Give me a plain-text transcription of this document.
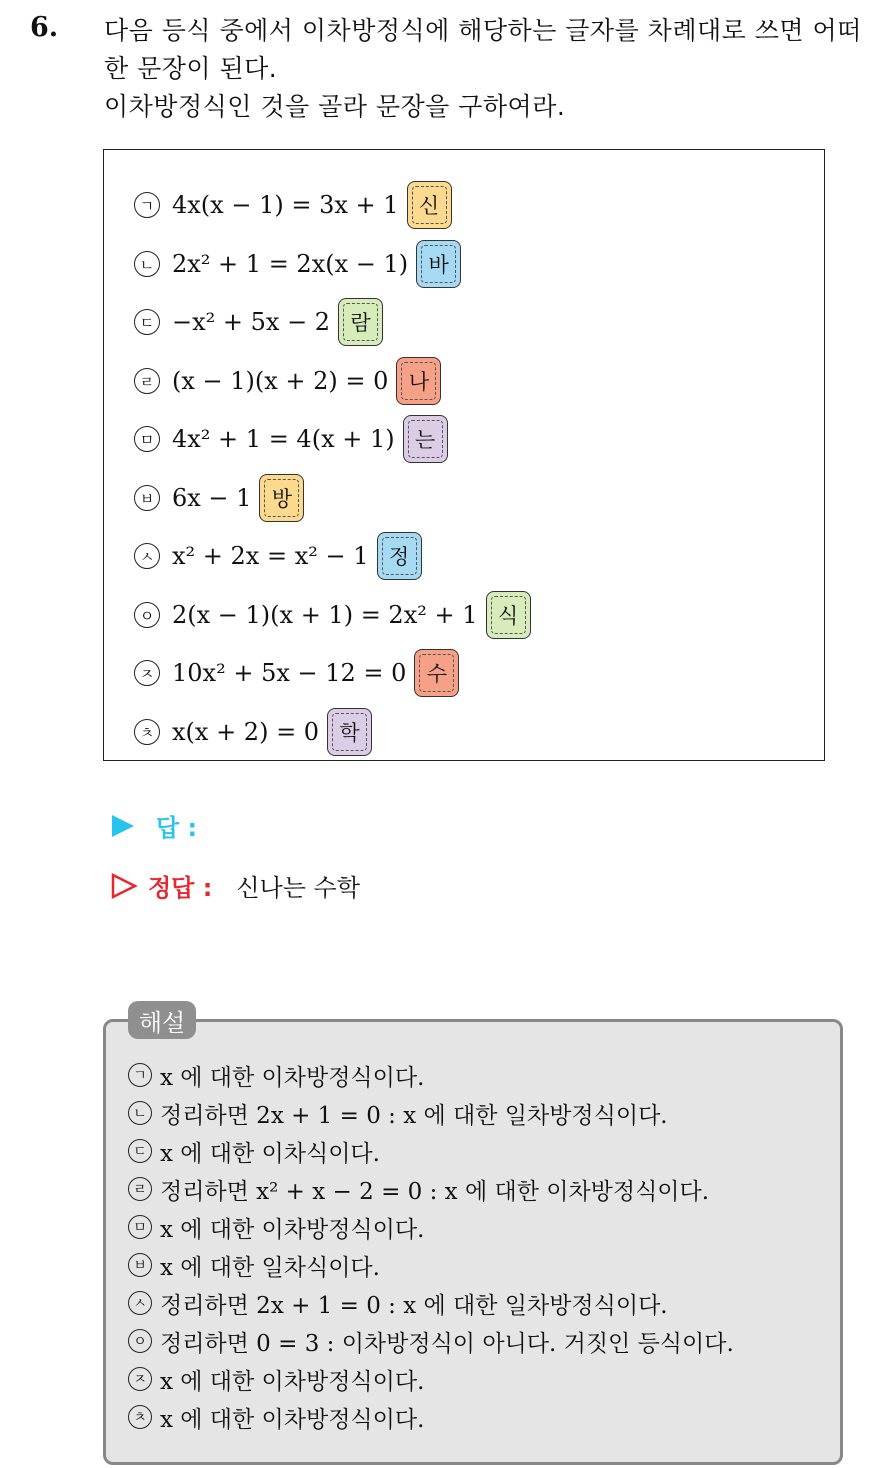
6. 다음 등식 중에서 이차방정식에 해당하는 글자를 차례대로 쓰면 어떠
한 문장이 된다.
이차방정식인 것을 골라 문장을 구하여라.
ㄱ 4x(x − 1) = 3x + 1 신
ㄴ 2x² + 1 = 2x(x − 1) 바
ㄷ −x² + 5x − 2 람
ㄹ (x − 1)(x + 2) = 0 나
ㅁ 4x² + 1 = 4(x + 1) 는
ㅂ 6x − 1 방
ㅅ x² + 2x = x² − 1 정
ㅇ 2(x − 1)(x + 1) = 2x² + 1 식
ㅈ 10x² + 5x − 12 = 0 수
ㅊ x(x + 2) = 0 학
답 :
정답 : 신나는 수학
ㄱ x 에 대한 이차방정식이다.
ㄴ 정리하면 2x + 1 = 0 : x 에 대한 일차방정식이다.
ㄷ x 에 대한 이차식이다.
ㄹ 정리하면 x² + x − 2 = 0 : x 에 대한 이차방정식이다.
ㅁ x 에 대한 이차방정식이다.
ㅂ x 에 대한 일차식이다.
ㅅ 정리하면 2x + 1 = 0 : x 에 대한 일차방정식이다.
ㅇ 정리하면 0 = 3 : 이차방정식이 아니다. 거짓인 등식이다.
ㅈ x 에 대한 이차방정식이다.
ㅊ x 에 대한 이차방정식이다.
해설
